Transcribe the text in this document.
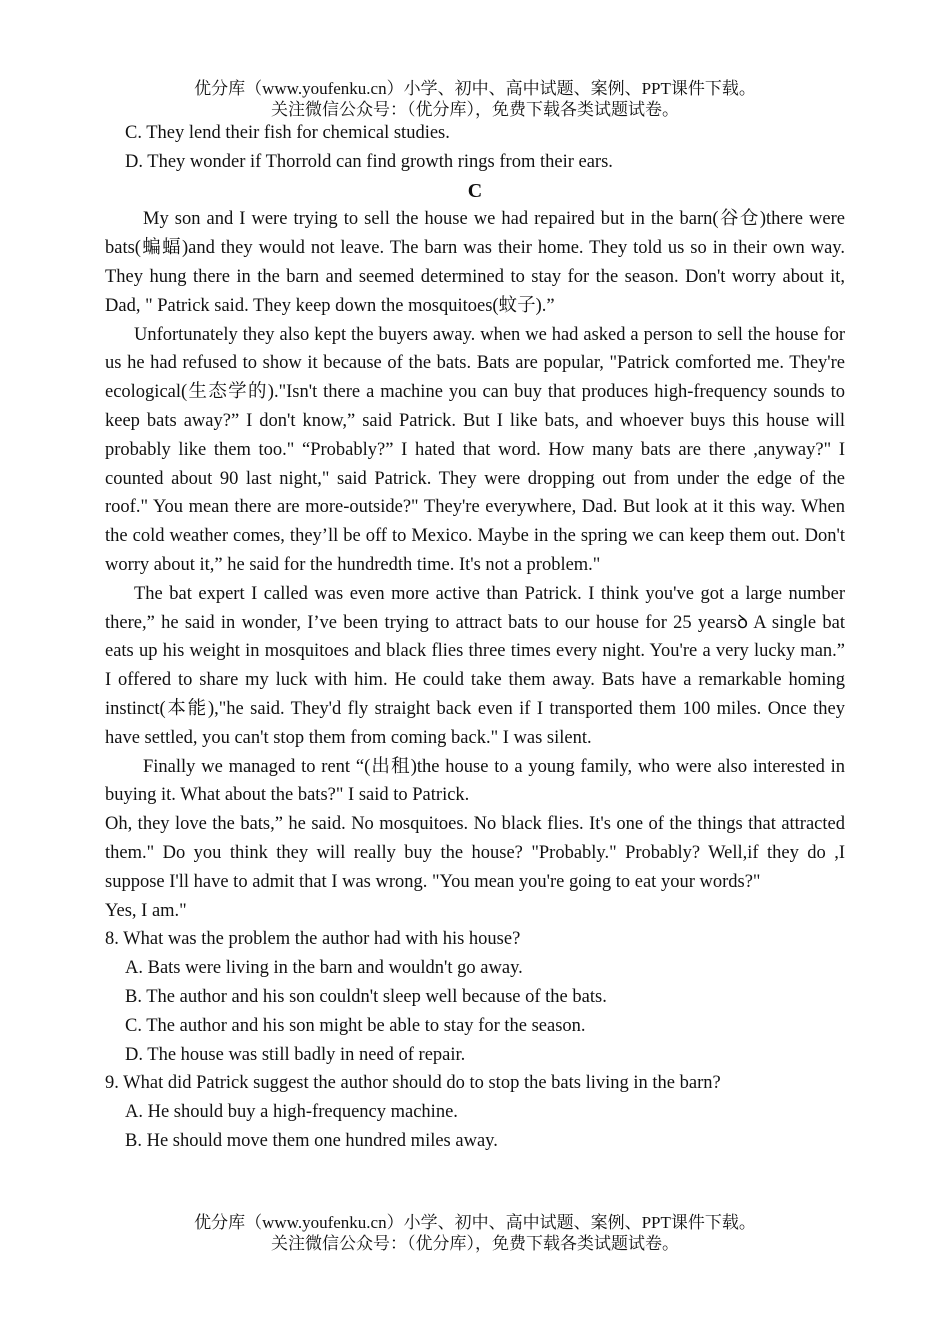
优分库（www.youfenku.cn）小学、初中、高中试题、案例、PPT课件下载。
关注微信公众号：（优分库），免费下载各类试题试卷。

C. They lend their fish for chemical studies.

D. They wonder if Thorrold can find growth rings from their ears.

C

My son and I were trying to sell the house we had repaired but in the barn(谷仓)there were bats(蝙蝠)and they would not leave. The barn was their home. They told us so in their own way. They hung there in the barn and seemed determined to stay for the season. Don't worry about it, Dad, " Patrick said. They keep down the mosquitoes(蚊子).”

Unfortunately they also kept the buyers away. when we had asked a person to sell the house for us he had refused to show it because of the bats. Bats are popular, "Patrick comforted me. They're ecological(生态学的)."Isn't there a machine you can buy that produces high-frequency sounds to keep bats away?” I don't know,” said Patrick. But I like bats, and whoever buys this house will probably like them too." “Probably?” I hated that word. How many bats are there ,anyway?" I counted about 90 last night," said Patrick. They were dropping out from under the edge of the roof." You mean there are more-outside?" They're everywhere, Dad. But look at it this way. When the cold weather comes, they’ll be off to Mexico. Maybe in the spring we can keep them out. Don't worry about it,” he said for the hundredth time. It's not a problem."

The bat expert I called was even more active than Patrick. I think you've got a large number there,” he said in wonder, I’ve been trying to attract bats to our house for 25 yearsꝺ A single bat eats up his weight in mosquitoes and black flies three times every night. You're a very lucky man.” I offered to share my luck with him. He could take them away. Bats have a remarkable homing instinct(本能),"he said. They'd fly straight back even if I transported them 100 miles. Once they have settled, you can't stop them from coming back." I was silent.

Finally we managed to rent “(出租)the house to a young family, who were also interested in buying it. What about the bats?" I said to Patrick.

Oh, they love the bats,” he said. No mosquitoes. No black flies. It's one of the things that attracted them." Do you think they will really buy the house? "Probably." Probably? Well,if they do ,I suppose I'll have to admit that I was wrong. "You mean you're going to eat your words?"

Yes, I am."

8. What was the problem the author had with his house?

A. Bats were living in the barn and wouldn't go away.

B. The author and his son couldn't sleep well because of the bats.

C. The author and his son might be able to stay for the season.

D. The house was still badly in need of repair.

9. What did Patrick suggest the author should do to stop the bats living in the barn?

A. He should buy a high-frequency machine.

B. He should move them one hundred miles away.

优分库（www.youfenku.cn）小学、初中、高中试题、案例、PPT课件下载。
关注微信公众号：（优分库），免费下载各类试题试卷。
